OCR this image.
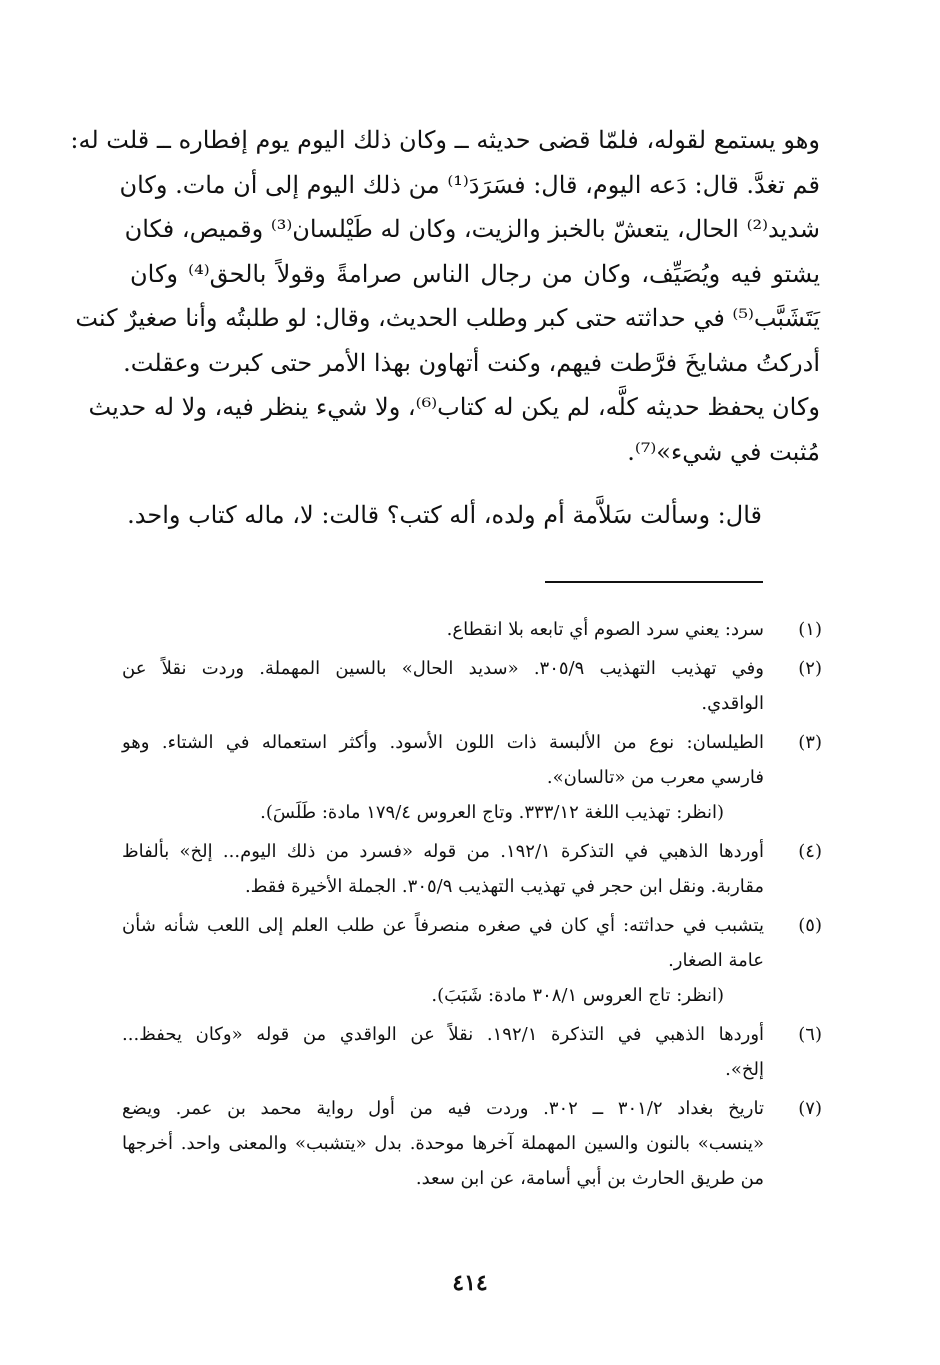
وهو يستمع لقوله، فلمّا قضى حديثه ــ وكان ذلك اليوم يوم إفطاره ــ قلت له:
قم تغدَّ. قال: دَعه اليوم، قال: فسَرَدَ⁽¹⁾ من ذلك اليوم إلى أن مات. وكان
شديد⁽²⁾ الحال، يتعشّ بالخبز والزيت، وكان له طَيْلسان⁽³⁾ وقميص، فكان
يشتو فيه ويُصَيِّف، وكان من رجال الناس صرامةً وقولاً بالحق⁽⁴⁾ وكان
يَتَشَبَّب⁽⁵⁾ في حداثته حتى كبر وطلب الحديث، وقال: لو طلبتُه وأنا صغيرٌ كنت
أدركتُ مشايخَ فرَّطت فيهم، وكنت أتهاون بهذا الأمر حتى كبرت وعقلت.
وكان يحفظ حديثه كلَّه، لم يكن له كتاب⁽⁶⁾، ولا شيء ينظر فيه، ولا له حديث
مُثبت في شيء»⁽⁷⁾.
قال: وسألت سَلاَّمة أم ولده، أله كتب؟ قالت: لا، ماله كتاب واحد.
(١)
سرد: يعني سرد الصوم أي تابعه بلا انقطاع.
(٢)
وفي تهذيب التهذيب ٣٠٥/٩. «سديد الحال» بالسين المهملة. وردت نقلاً عن
الواقدي.
(٣)
الطيلسان: نوع من الألبسة ذات اللون الأسود. وأكثر استعماله في الشتاء. وهو
فارسي معرب من «تالسان».
(انظر: تهذيب اللغة ٣٣٣/١٢. وتاج العروس ١٧٩/٤ مادة: طَلَسَ).
(٤)
أوردها الذهبي في التذكرة ١٩٢/١. من قوله «فسرد من ذلك اليوم... إلخ» بألفاظ
مقاربة. ونقل ابن حجر في تهذيب التهذيب ٣٠٥/٩. الجملة الأخيرة فقط.
(٥)
يتشبب في حداثته: أي كان في صغره منصرفاً عن طلب العلم إلى اللعب شأنه شأن
عامة الصغار.
(انظر: تاج العروس ٣٠٨/١ مادة: شَبَبَ).
(٦)
أوردها الذهبي في التذكرة ١٩٢/١. نقلاً عن الواقدي من قوله «وكان يحفظ...
إلخ».
(٧)
تاريخ بغداد ٣٠١/٢ ــ ٣٠٢. وردت فيه من أول رواية محمد بن عمر. ويضع
«ينسب» بالنون والسين المهملة آخرها موحدة. بدل «يتشبب» والمعنى واحد. أخرجها
من طريق الحارث بن أبي أسامة، عن ابن سعد.
٤١٤
